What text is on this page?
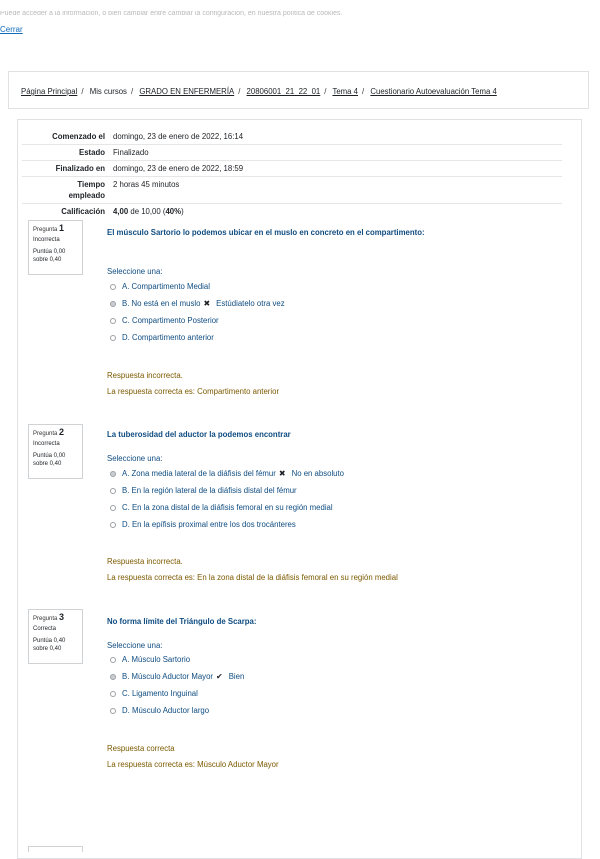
Puede acceder a la información, o bien cambiar entre cambiar la configuración, en nuestra política de cookies.
Cerrar
Página Principal / Mis cursos / GRADO EN ENFERMERÍA / 20806001_21_22_01 / Tema 4 / Cuestionario Autoevaluación Tema 4
Comenzado el	domingo, 23 de enero de 2022, 16:14
Estado	Finalizado
Finalizado en	domingo, 23 de enero de 2022, 18:59
Tiempo
empleado	2 horas 45 minutos
Calificación	4,00 de 10,00 (40%)
Pregunta 1
Incorrecta
Puntúa 0,00
sobre 0,40
El músculo Sartorio lo podemos ubicar en el muslo en concreto en el compartimento:
Seleccione una:
A. Compartimento Medial
B. No está en el muslo ✖ Estúdiatelo otra vez
C. Compartimento Posterior
D. Compartimento anterior
Respuesta incorrecta.
La respuesta correcta es: Compartimento anterior
Pregunta 2
Incorrecta
Puntúa 0,00
sobre 0,40
La tuberosidad del aductor la podemos encontrar
Seleccione una:
A. Zona media lateral de la diáfisis del fémur ✖ No en absoluto
B. En la región lateral de la diáfisis distal del fémur
C. En la zona distal de la diáfisis femoral en su región medial
D. En la epífisis proximal entre los dos trocánteres
Respuesta incorrecta.
La respuesta correcta es: En la zona distal de la diáfisis femoral en su región medial
Pregunta 3
Correcta
Puntúa 0,40
sobre 0,40
No forma límite del Triángulo de Scarpa:
Seleccione una:
A. Músculo Sartorio
B. Músculo Aductor Mayor ✔ Bien
C. Ligamento Inguinal
D. Músculo Aductor largo
Respuesta correcta
La respuesta correcta es: Músculo Aductor Mayor
